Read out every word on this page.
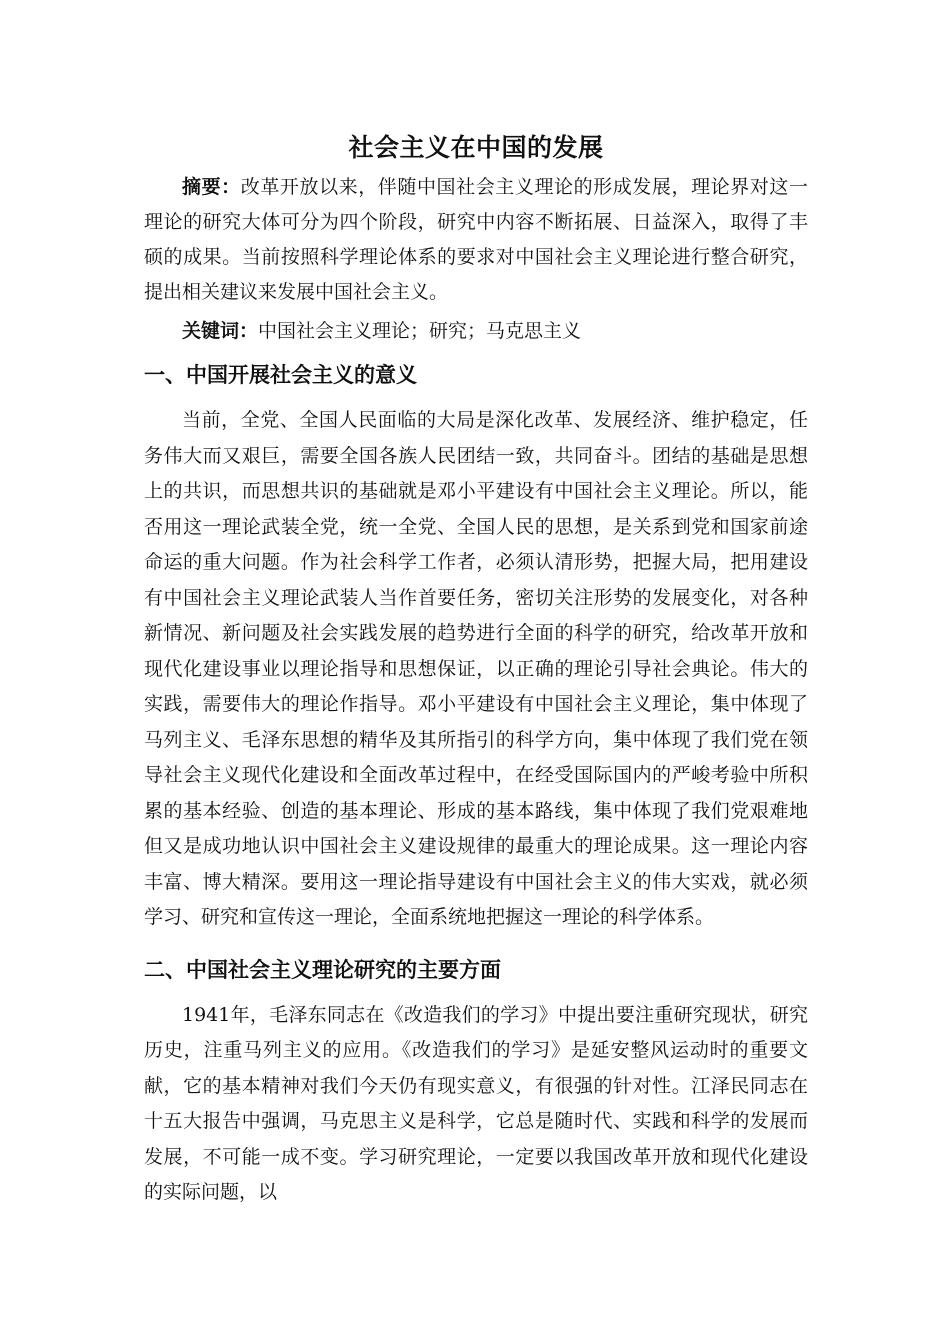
社会主义在中国的发展

摘要：改革开放以来，伴随中国社会主义理论的形成发展，理论界对这一理论的研究大体可分为四个阶段，研究中内容不断拓展、日益深入，取得了丰硕的成果。当前按照科学理论体系的要求对中国社会主义理论进行整合研究，提出相关建议来发展中国社会主义。

关键词：中国社会主义理论；研究；马克思主义

一、中国开展社会主义的意义

当前，全党、全国人民面临的大局是深化改革、发展经济、维护稳定，任务伟大而又艰巨，需要全国各族人民团结一致，共同奋斗。团结的基础是思想上的共识，而思想共识的基础就是邓小平建设有中国社会主义理论。所以，能否用这一理论武装全党，统一全党、全国人民的思想，是关系到党和国家前途命运的重大问题。作为社会科学工作者，必须认清形势，把握大局，把用建设有中国社会主义理论武装人当作首要任务，密切关注形势的发展变化，对各种新情况、新问题及社会实践发展的趋势进行全面的科学的研究，给改革开放和现代化建设事业以理论指导和思想保证，以正确的理论引导社会典论。伟大的实践，需要伟大的理论作指导。邓小平建设有中国社会主义理论，集中体现了马列主义、毛泽东思想的精华及其所指引的科学方向，集中体现了我们党在领导社会主义现代化建设和全面改革过程中，在经受国际国内的严峻考验中所积累的基本经验、创造的基本理论、形成的基本路线，集中体现了我们党艰难地但又是成功地认识中国社会主义建设规律的最重大的理论成果。这一理论内容丰富、博大精深。要用这一理论指导建设有中国社会主义的伟大实戏，就必须学习、研究和宣传这一理论，全面系统地把握这一理论的科学体系。

二、中国社会主义理论研究的主要方面

1941年，毛泽东同志在《改造我们的学习》中提出要注重研究现状，研究历史，注重马列主义的应用。《改造我们的学习》是延安整风运动时的重要文献，它的基本精神对我们今天仍有现实意义，有很强的针对性。江泽民同志在十五大报告中强调，马克思主义是科学，它总是随时代、实践和科学的发展而发展，不可能一成不变。学习研究理论，一定要以我国改革开放和现代化建设的实际问题，以
